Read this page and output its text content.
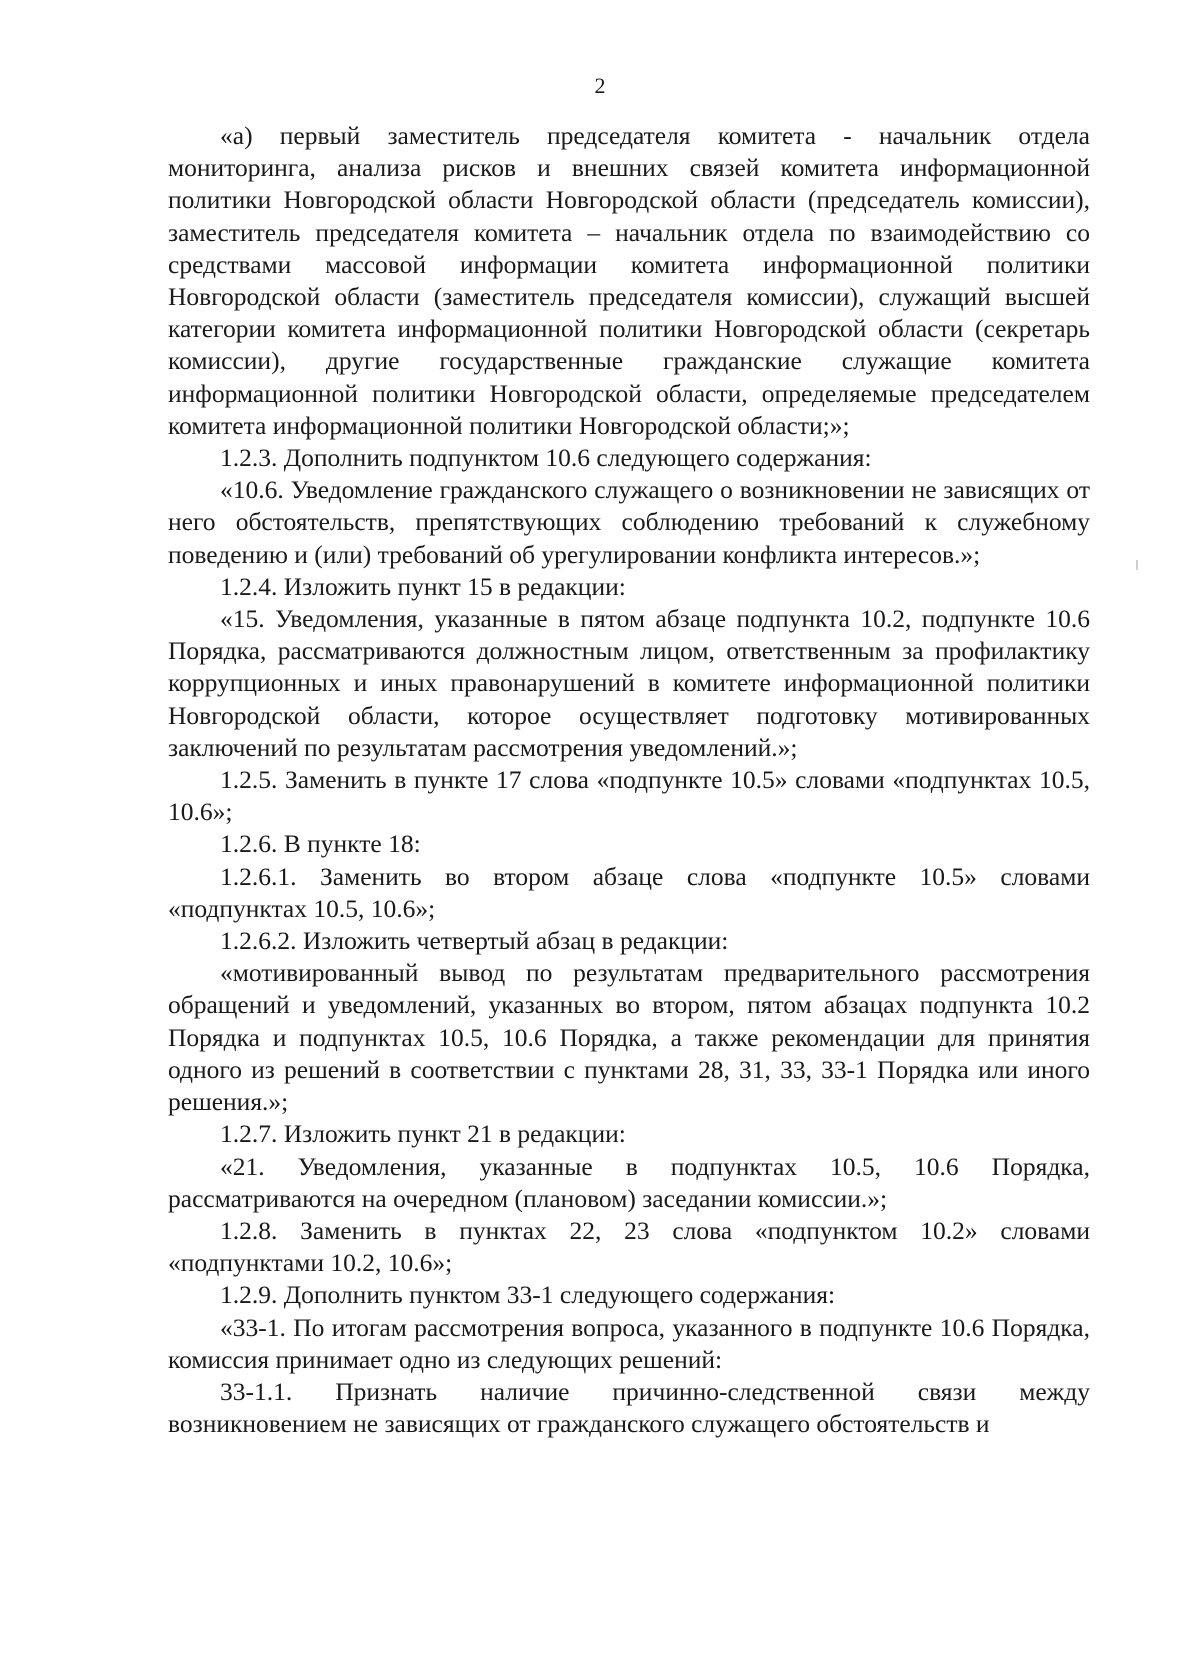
2

«а) первый заместитель председателя комитета - начальник отдела мониторинга, анализа рисков и внешних связей комитета информационной политики Новгородской области Новгородской области (председатель комиссии), заместитель председателя комитета – начальник отдела по взаимодействию со средствами массовой информации комитета информационной политики Новгородской области (заместитель председателя комиссии), служащий высшей категории комитета информационной политики Новгородской области (секретарь комиссии), другие государственные гражданские служащие комитета информационной политики Новгородской области, определяемые председателем комитета информационной политики Новгородской области;»;

1.2.3. Дополнить подпунктом 10.6 следующего содержания:

«10.6. Уведомление гражданского служащего о возникновении не зависящих от него обстоятельств, препятствующих соблюдению требований к служебному поведению и (или) требований об урегулировании конфликта интересов.»;

1.2.4. Изложить пункт 15 в редакции:

«15. Уведомления, указанные в пятом абзаце подпункта 10.2, подпункте 10.6 Порядка, рассматриваются должностным лицом, ответственным за профилактику коррупционных и иных правонарушений в комитете информационной политики Новгородской области, которое осуществляет подготовку мотивированных заключений по результатам рассмотрения уведомлений.»;

1.2.5. Заменить в пункте 17 слова «подпункте 10.5» словами «подпунктах 10.5, 10.6»;

1.2.6. В пункте 18:

1.2.6.1. Заменить во втором абзаце слова «подпункте 10.5» словами «подпунктах 10.5, 10.6»;

1.2.6.2. Изложить четвертый абзац в редакции:

«мотивированный вывод по результатам предварительного рассмотрения обращений и уведомлений, указанных во втором, пятом абзацах подпункта 10.2 Порядка и подпунктах 10.5, 10.6 Порядка, а также рекомендации для принятия одного из решений в соответствии с пунктами 28, 31, 33, 33-1 Порядка или иного решения.»;

1.2.7. Изложить пункт 21 в редакции:

«21. Уведомления, указанные в подпунктах 10.5, 10.6 Порядка, рассматриваются на очередном (плановом) заседании комиссии.»;

1.2.8. Заменить в пунктах 22, 23 слова «подпунктом 10.2» словами «подпунктами 10.2, 10.6»;

1.2.9. Дополнить пунктом 33-1 следующего содержания:

«33-1. По итогам рассмотрения вопроса, указанного в подпункте 10.6 Порядка, комиссия принимает одно из следующих решений:

33-1.1. Признать наличие причинно-следственной связи между возникновением не зависящих от гражданского служащего обстоятельств и
